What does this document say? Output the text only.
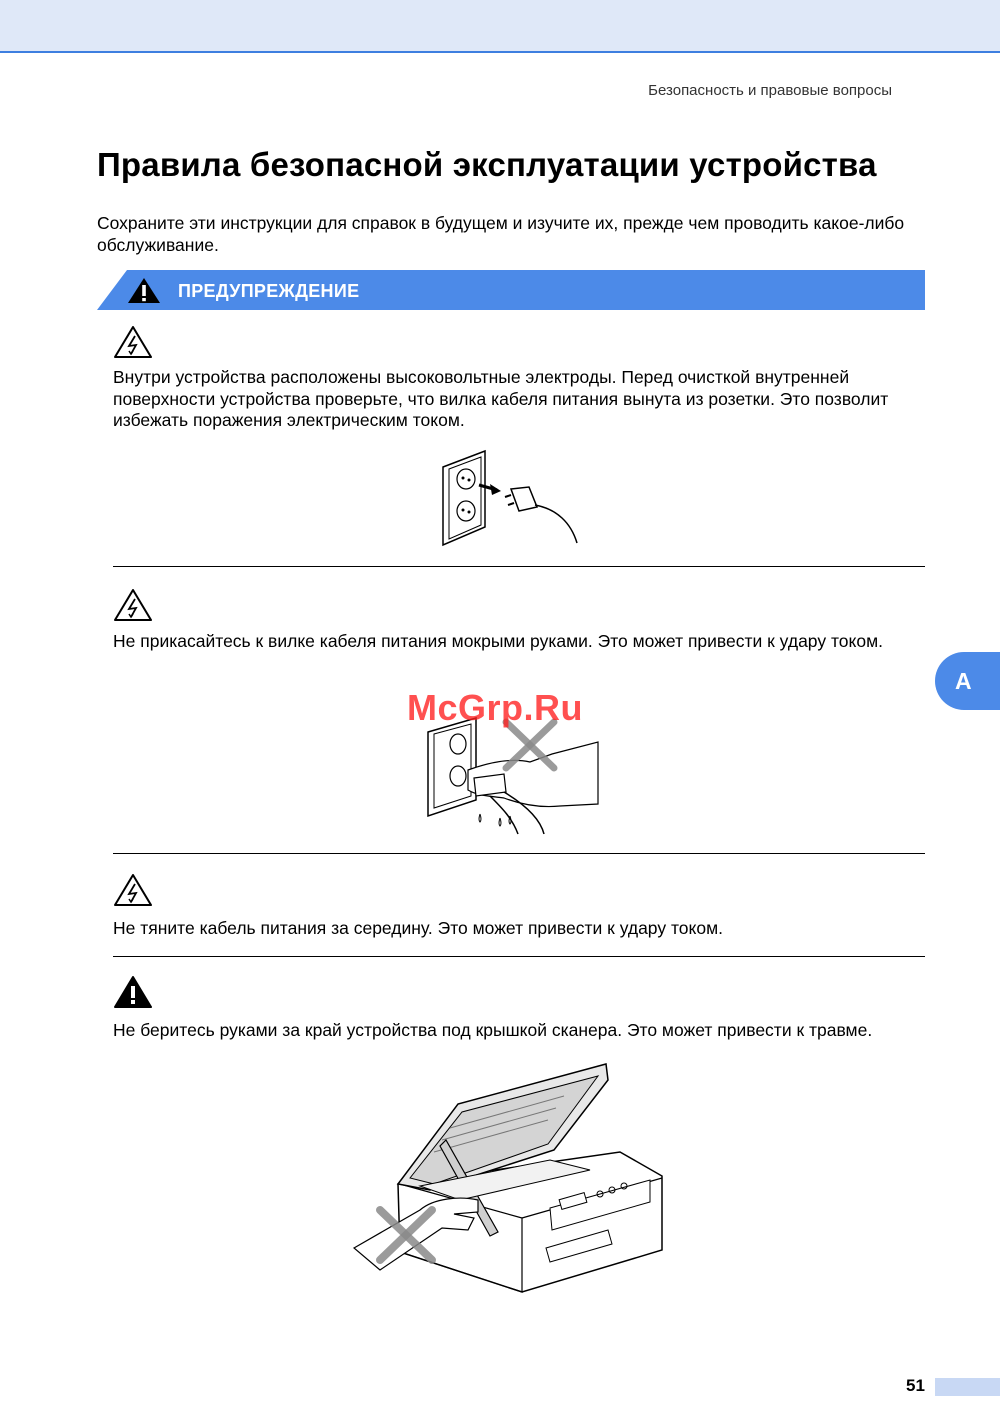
Безопасность и правовые вопросы
Правила безопасной эксплуатации устройства
Сохраните эти инструкции для справок в будущем и изучите их, прежде чем проводить какое-либо обслуживание.
ПРЕДУПРЕЖДЕНИЕ
Внутри устройства расположены высоковольтные электроды. Перед очисткой внутренней поверхности устройства проверьте, что вилка кабеля питания вынута из розетки. Это позволит избежать поражения электрическим током.
Не прикасайтесь к вилке кабеля питания мокрыми руками. Это может привести к удару током.
McGrp.Ru
Не тяните кабель питания за середину. Это может привести к удару током.
Не беритесь руками за край устройства под крышкой сканера. Это может привести к травме.
A
51
